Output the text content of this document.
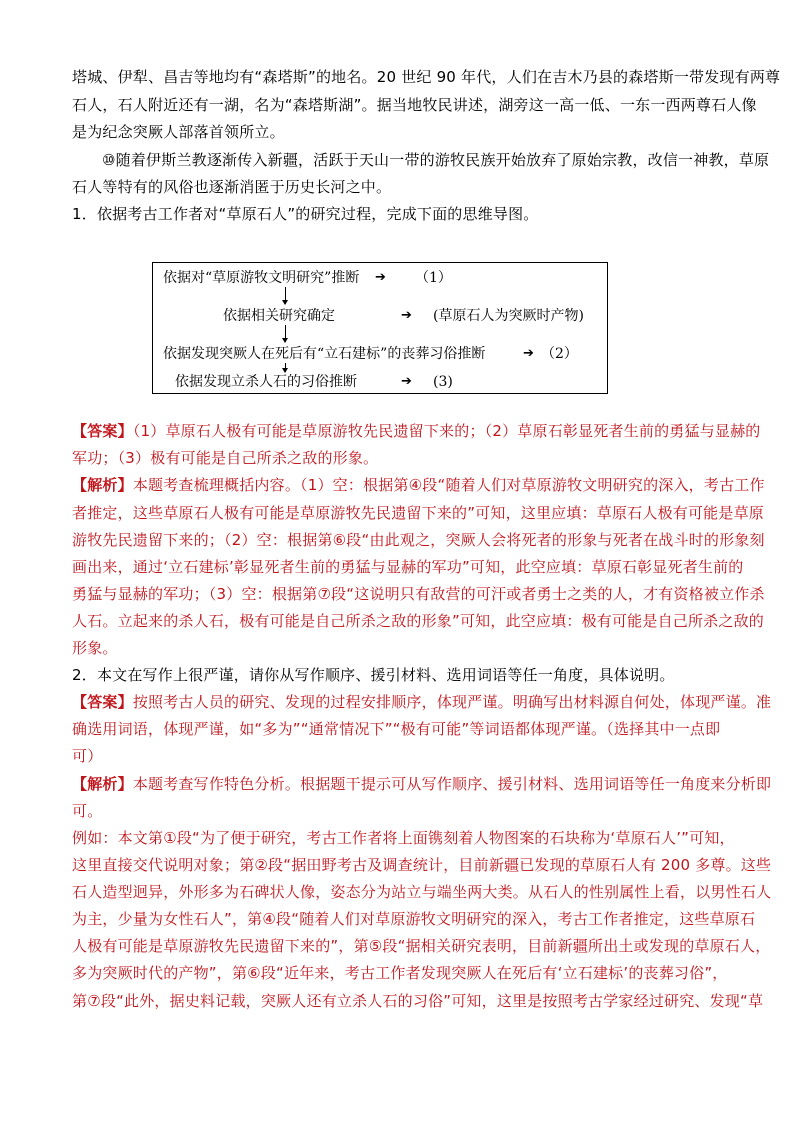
塔城、伊犁、昌吉等地均有“森塔斯”的地名。20 世纪 90 年代，人们在吉木乃县的森塔斯一带发现有两尊
石人，石人附近还有一湖，名为“森塔斯湖”。据当地牧民讲述，湖旁这一高一低、一东一西两尊石人像
是为纪念突厥人部落首领所立。
⑩随着伊斯兰教逐渐传入新疆，活跃于天山一带的游牧民族开始放弃了原始宗教，改信一神教，草原
石人等特有的风俗也逐渐消匿于历史长河之中。
1．依据考古工作者对“草原石人”的研究过程，完成下面的思维导图。
依据对“草原游牧文明研究”推断 ➔ （1）
依据相关研究确定	➔ (草原石人为突厥时产物)
依据发现突厥人在死后有“立石建标”的丧葬习俗推断	➔ （2）
依据发现立杀人石的习俗推断	➔ (3)
【答案】（1）草原石人极有可能是草原游牧先民遗留下来的；（2）草原石彰显死者生前的勇猛与显赫的
军功；（3）极有可能是自己所杀之敌的形象。
【解析】本题考查梳理概括内容。（1）空：根据第④段“随着人们对草原游牧文明研究的深入，考古工作
者推定，这些草原石人极有可能是草原游牧先民遗留下来的”可知，这里应填：草原石人极有可能是草原
游牧先民遗留下来的；（2）空：根据第⑥段“由此观之，突厥人会将死者的形象与死者在战斗时的形象刻
画出来，通过‘立石建标’彰显死者生前的勇猛与显赫的军功”可知，此空应填：草原石彰显死者生前的
勇猛与显赫的军功；（3）空：根据第⑦段“这说明只有敌营的可汗或者勇士之类的人，才有资格被立作杀
人石。立起来的杀人石，极有可能是自己所杀之敌的形象”可知，此空应填：极有可能是自己所杀之敌的
形象。
2．本文在写作上很严谨，请你从写作顺序、援引材料、选用词语等任一角度，具体说明。
【答案】按照考古人员的研究、发现的过程安排顺序，体现严谨。明确写出材料源自何处，体现严谨。准
确选用词语，体现严谨，如“多为”“通常情况下”“极有可能”等词语都体现严谨。（选择其中一点即
可）
【解析】本题考查写作特色分析。根据题干提示可从写作顺序、援引材料、选用词语等任一角度来分析即
可。
例如：本文第①段“为了便于研究，考古工作者将上面镌刻着人物图案的石块称为‘草原石人’”可知，
这里直接交代说明对象；第②段“据田野考古及调查统计，目前新疆已发现的草原石人有 200 多尊。这些
石人造型迥异，外形多为石碑状人像，姿态分为站立与端坐两大类。从石人的性别属性上看，以男性石人
为主，少量为女性石人”，第④段“随着人们对草原游牧文明研究的深入，考古工作者推定，这些草原石
人极有可能是草原游牧先民遗留下来的”，第⑤段“据相关研究表明，目前新疆所出土或发现的草原石人，
多为突厥时代的产物”，第⑥段“近年来，考古工作者发现突厥人在死后有‘立石建标’的丧葬习俗”，
第⑦段“此外，据史料记载，突厥人还有立杀人石的习俗”可知，这里是按照考古学家经过研究、发现“草
